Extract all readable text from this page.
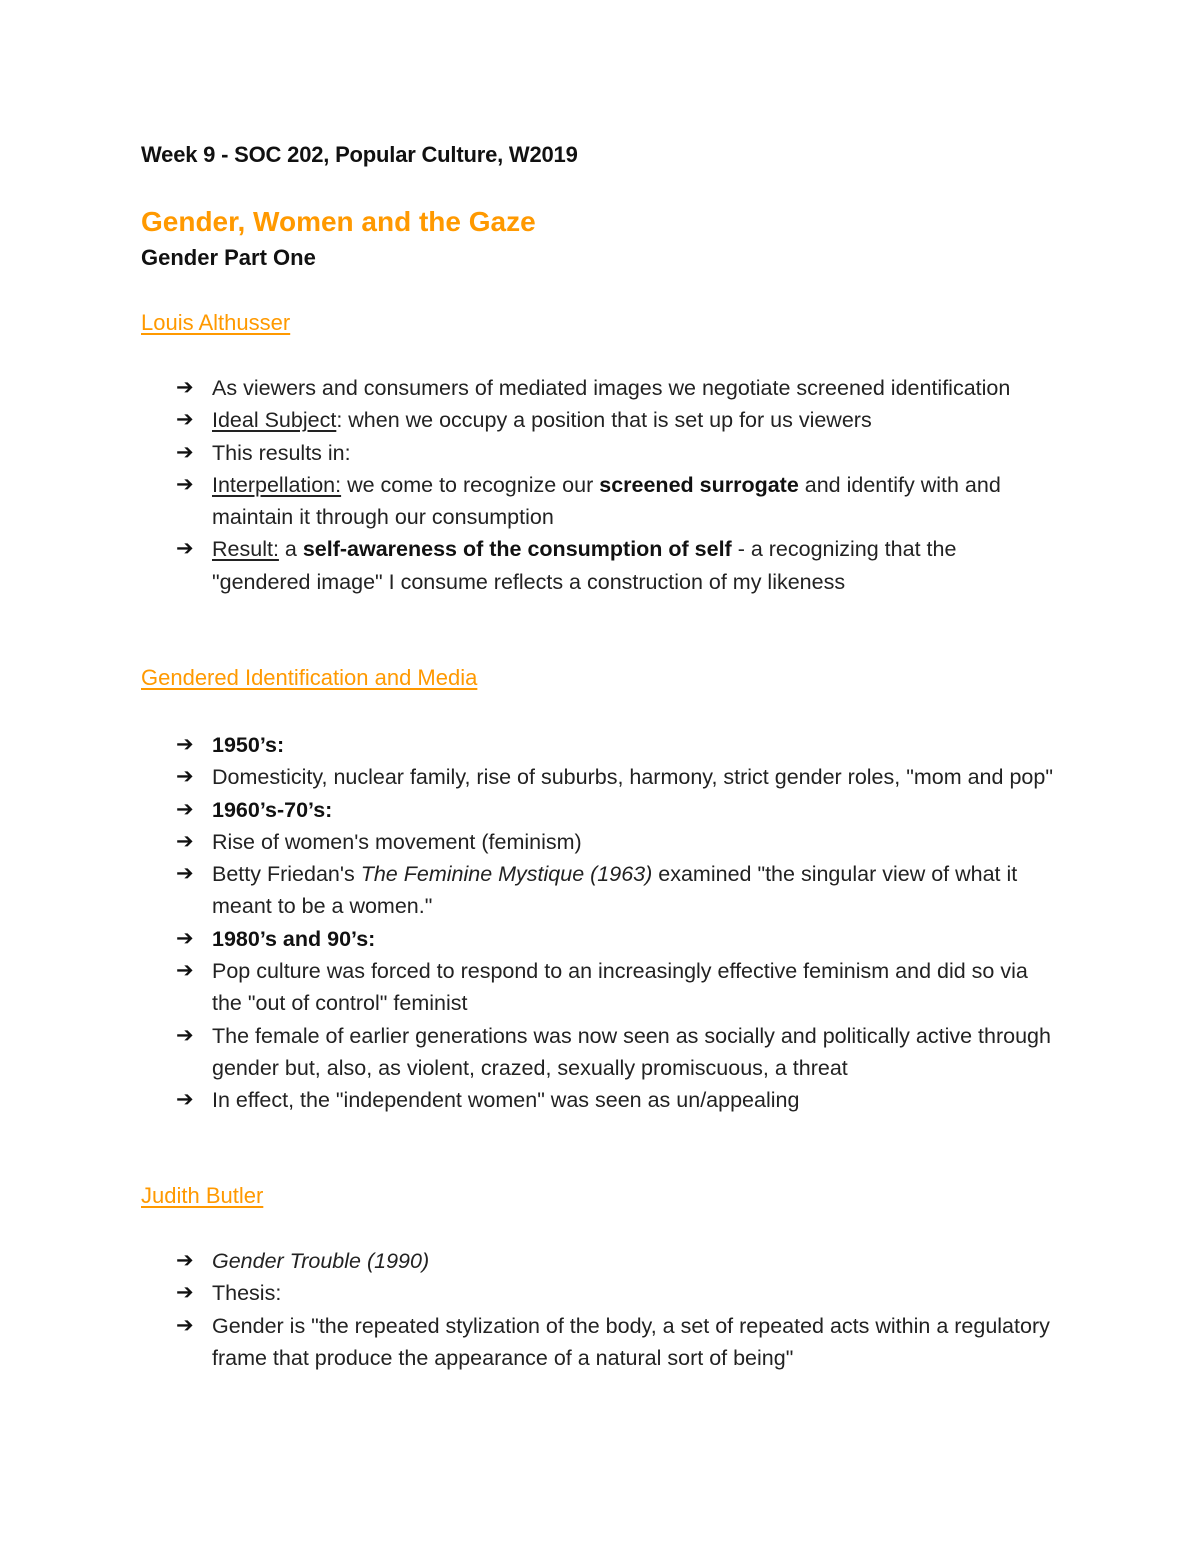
Week 9 - SOC 202, Popular Culture, W2019
Gender, Women and the Gaze
Gender Part One
Louis Althusser
➔ As viewers and consumers of mediated images we negotiate screened identification
➔ Ideal Subject: when we occupy a position that is set up for us viewers
➔ This results in:
➔ Interpellation: we come to recognize our screened surrogate and identify with and maintain it through our consumption
➔ Result: a self-awareness of the consumption of self - a recognizing that the "gendered image" I consume reflects a construction of my likeness
Gendered Identification and Media
➔ 1950’s:
➔ Domesticity, nuclear family, rise of suburbs, harmony, strict gender roles, "mom and pop"
➔ 1960’s-70’s:
➔ Rise of women's movement (feminism)
➔ Betty Friedan's The Feminine Mystique (1963) examined "the singular view of what it meant to be a women."
➔ 1980’s and 90’s:
➔ Pop culture was forced to respond to an increasingly effective feminism and did so via the "out of control" feminist
➔ The female of earlier generations was now seen as socially and politically active through gender but, also, as violent, crazed, sexually promiscuous, a threat
➔ In effect, the "independent women" was seen as un/appealing
Judith Butler
➔ Gender Trouble (1990)
➔ Thesis:
➔ Gender is "the repeated stylization of the body, a set of repeated acts within a regulatory frame that produce the appearance of a natural sort of being"
